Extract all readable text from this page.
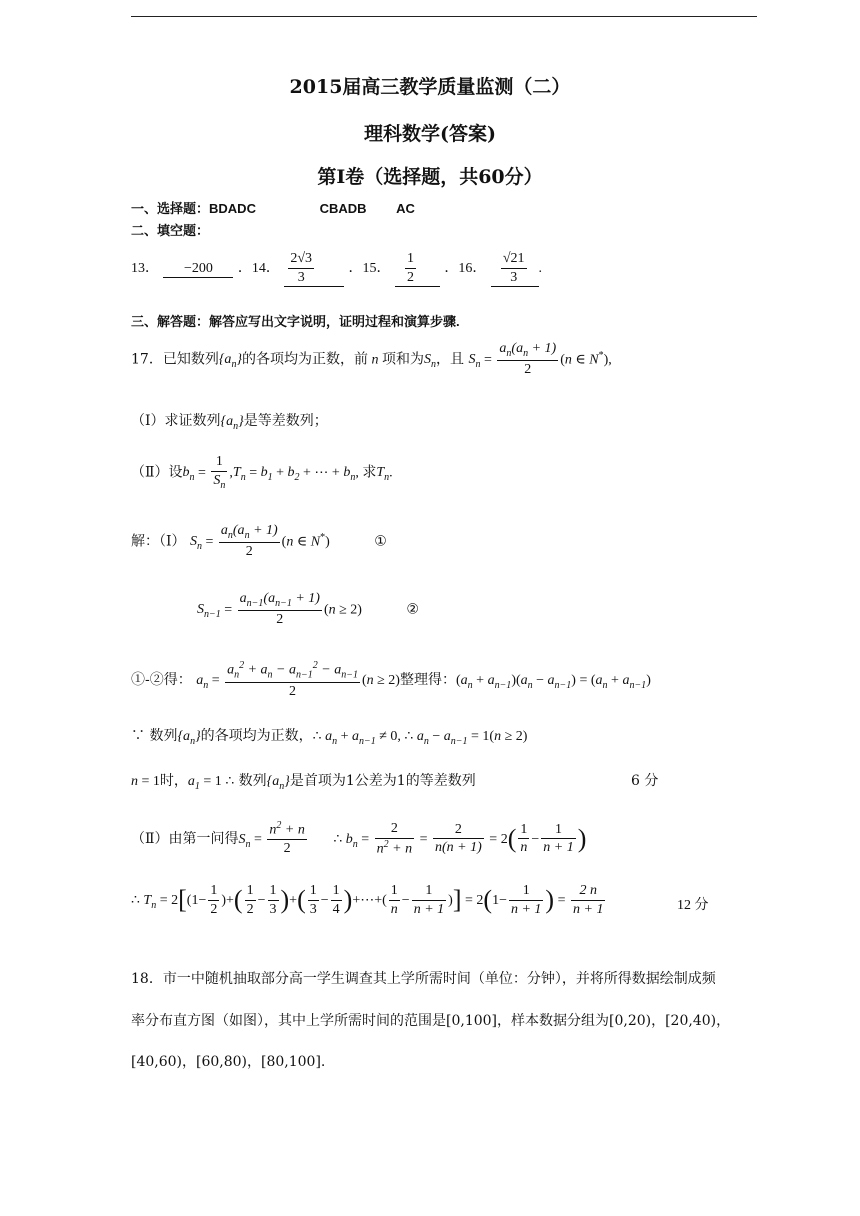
2015届高三教学质量监测（二）
理科数学(答案)
第Ⅰ卷（选择题，共60分）
一、选择题：BDADC	CBADB AC
二、填空题：
13． −200 ．14． $\frac{2√3}{3}$ ．15． $\frac{1}{2}$ ．16． $\frac{√21}{3}$ .
三、解答题：解答应写出文字说明，证明过程和演算步骤.
17．已知数列$\{a_n\}$的各项均为正数，前 n 项和为$S_n$，且 $S_n = \frac{a_n(a_n + 1)}{2} (n$ ∈ N*),
（Ⅰ）求证数列$\{a_n\}$是等差数列；
（Ⅱ）设$b_n = \frac{1}{S_n} ,T_n = b_1 + b_2$ + ⋯ + $b_n$, 求$T_n$.
解：（Ⅰ） $S_n = \frac{a_n(a_n + 1)}{2} (n$ ∈ N*)	①
$S_{n-1} = \frac{a_{n-1}(a_{n-1} + 1)}{2} (n \ge 2)$	②
①-②得： $a_n = \frac{a_n^2 + a_n - a_{n-1}^2 - a_{n-1}}{2} (n \ge 2)$整理得：$(a_n + a_{n-1})(a_n - a_{n-1}) = (a_n + a_{n-1})$
∵ 数列$\{a_n\}$的各项均为正数，∴ $a_n + a_{n-1} \ne 0$, ∴ $a_n - a_{n-1} = 1(n \ge 2)$
n = 1时，$a_1 = 1$ ∴ 数列$\{a_n\}$是首项为1公差为1的等差数列	6 分
（Ⅱ）由第一问得$S_n = \frac{n^2 + n}{2}$ ∴ $b_n = \frac{2}{n^2 + n} = \frac{2}{n(n + 1)} = 2( \frac{1}{n} - \frac{1}{n + 1}$ )
∴ $T_n = 2[(1- \frac{1}{2}$ )+( $\frac{1}{2} - \frac{1}{3}$ )+( $\frac{1}{3} - \frac{1}{4}$ )+⋯+( $\frac{1}{n} - \frac{1}{n + 1}$ )] = $2(1- \frac{1}{n + 1}$ ) = $\frac{2 n}{n + 1}$	12 分
18．市一中随机抽取部分高一学生调查其上学所需时间（单位：分钟），并将所得数据绘制成频
率分布直方图（如图），其中上学所需时间的范围是[0,100]，样本数据分组为[0,20)，[20,40)，
[40,60)，[60,80)，[80,100].
